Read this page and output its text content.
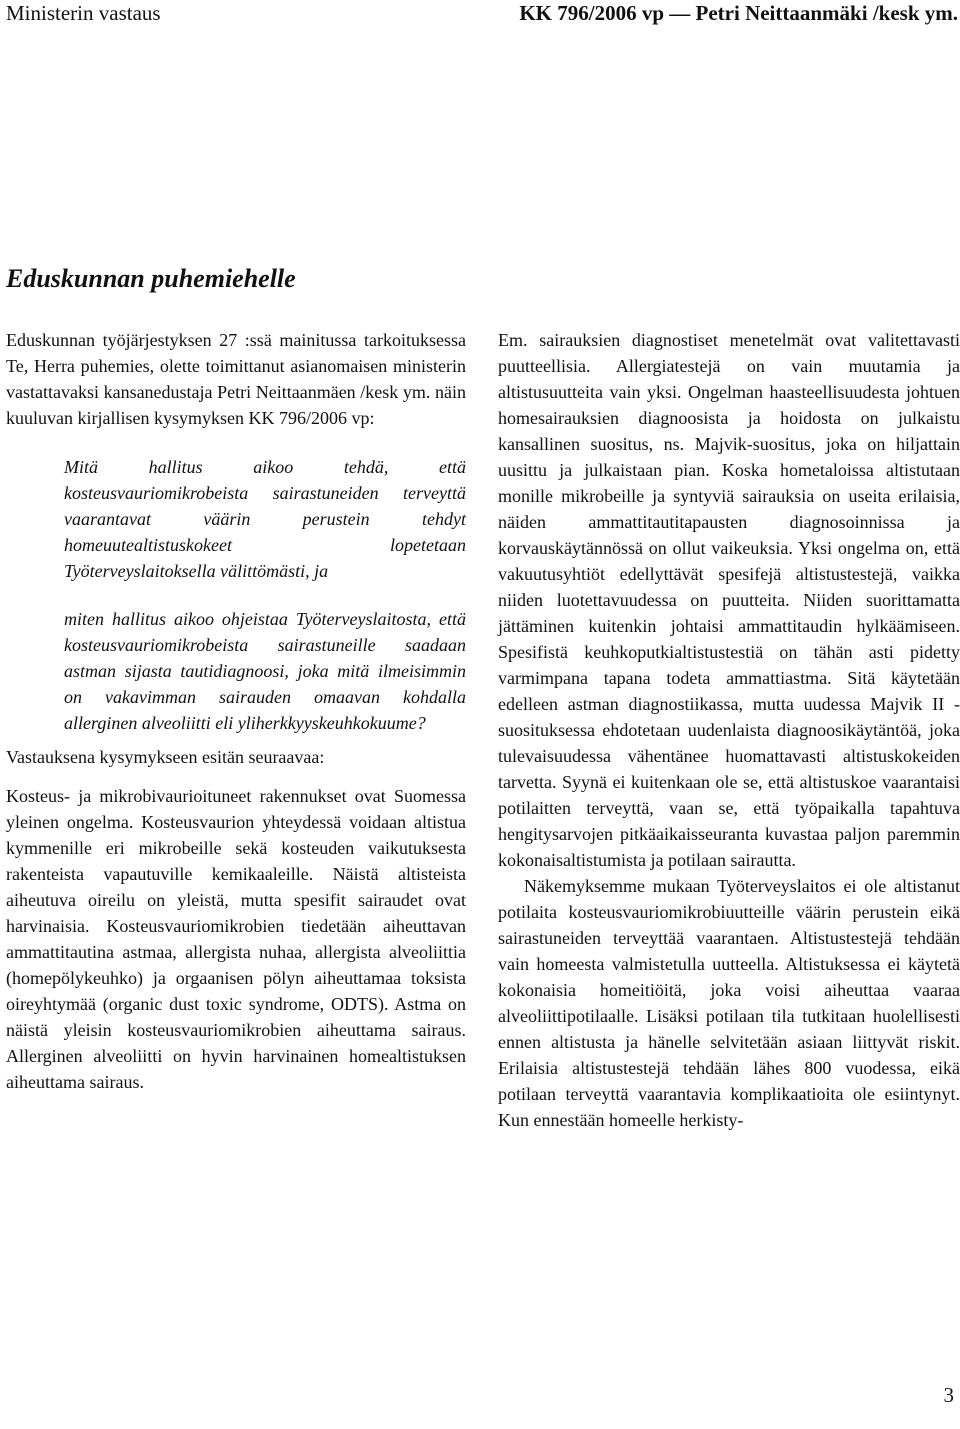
Ministerin vastaus	KK 796/2006 vp — Petri Neittaanmäki /kesk ym.
Eduskunnan puhemiehelle

Eduskunnan työjärjestyksen 27 :ssä mainitussa tarkoituksessa Te, Herra puhemies, olette toimittanut asianomaisen ministerin vastattavaksi kansanedustaja Petri Neittaanmäen /kesk ym. näin kuuluvan kirjallisen kysymyksen KK 796/2006 vp:

Mitä hallitus aikoo tehdä, että kosteusvauriomikrobeista sairastuneiden terveyttä vaarantavat väärin perustein tehdyt homeuutealtistuskokeet lopetetaan Työterveyslaitoksella välittömästi, ja

miten hallitus aikoo ohjeistaa Työterveyslaitosta, että kosteusvauriomikrobeista sairastuneille saadaan astman sijasta tautidiagnoosi, joka mitä ilmeisimmin on vakavimman sairauden omaavan kohdalla allerginen alveoliitti eli yliherkkyyskeuhkokuume?

Vastauksena kysymykseen esitän seuraavaa:

Kosteus- ja mikrobivaurioituneet rakennukset ovat Suomessa yleinen ongelma. Kosteusvaurion yhteydessä voidaan altistua kymmenille eri mikrobeille sekä kosteuden vaikutuksesta rakenteista vapautuville kemikaaleille. Näistä altisteista aiheutuva oireilu on yleistä, mutta spesifit sairaudet ovat harvinaisia. Kosteusvauriomikrobien tiedetään aiheuttavan ammattitautina astmaa, allergista nuhaa, allergista alveoliittia (homepölykeuhko) ja orgaanisen pölyn aiheuttamaa toksista oireyhtymää (organic dust toxic syndrome, ODTS). Astma on näistä yleisin kosteusvauriomikrobien aiheuttama sairaus. Allerginen alveoliitti on hyvin harvinainen homealtistuksen aiheuttama sairaus.

Em. sairauksien diagnostiset menetelmät ovat valitettavasti puutteellisia. Allergiatestejä on vain muutamia ja altistusuutteita vain yksi. Ongelman haasteellisuudesta johtuen homesairauksien diagnoosista ja hoidosta on julkaistu kansallinen suositus, ns. Majvik-suositus, joka on hiljattain uusittu ja julkaistaan pian. Koska hometaloissa altistutaan monille mikrobeille ja syntyviä sairauksia on useita erilaisia, näiden ammattitautitapausten diagnosoinnissa ja korvauskäytännössä on ollut vaikeuksia. Yksi ongelma on, että vakuutusyhtiöt edellyttävät spesifejä altistustestejä, vaikka niiden luotettavuudessa on puutteita. Niiden suorittamatta jättäminen kuitenkin johtaisi ammattitaudin hylkäämiseen. Spesifistä keuhkoputkialtistustestiä on tähän asti pidetty varmimpana tapana todeta ammattiastma. Sitä käytetään edelleen astman diagnostiikassa, mutta uudessa Majvik II -suosituksessa ehdotetaan uudenlaista diagnoosikäytäntöä, joka tulevaisuudessa vähentänee huomattavasti altistuskokeiden tarvetta. Syynä ei kuitenkaan ole se, että altistuskoe vaarantaisi potilaitten terveyttä, vaan se, että työpaikalla tapahtuva hengitysarvojen pitkäaikaisseuranta kuvastaa paljon paremmin kokonaisaltistumista ja potilaan sairautta.

Näkemyksemme mukaan Työterveyslaitos ei ole altistanut potilaita kosteusvauriomikrobiuutteille väärin perustein eikä sairastuneiden terveyttää vaarantaen. Altistustestejä tehdään vain homeesta valmistetulla uutteella. Altistuksessa ei käytetä kokonaisia homeitiöitä, joka voisi aiheuttaa vaaraa alveoliittipotilaalle. Lisäksi potilaan tila tutkitaan huolellisesti ennen altistusta ja hänelle selvitetään asiaan liittyvät riskit. Erilaisia altistustestejä tehdään lähes 800 vuodessa, eikä potilaan terveyttä vaarantavia komplikaatioita ole esiintynyt. Kun ennestään homeelle herkisty-

3
